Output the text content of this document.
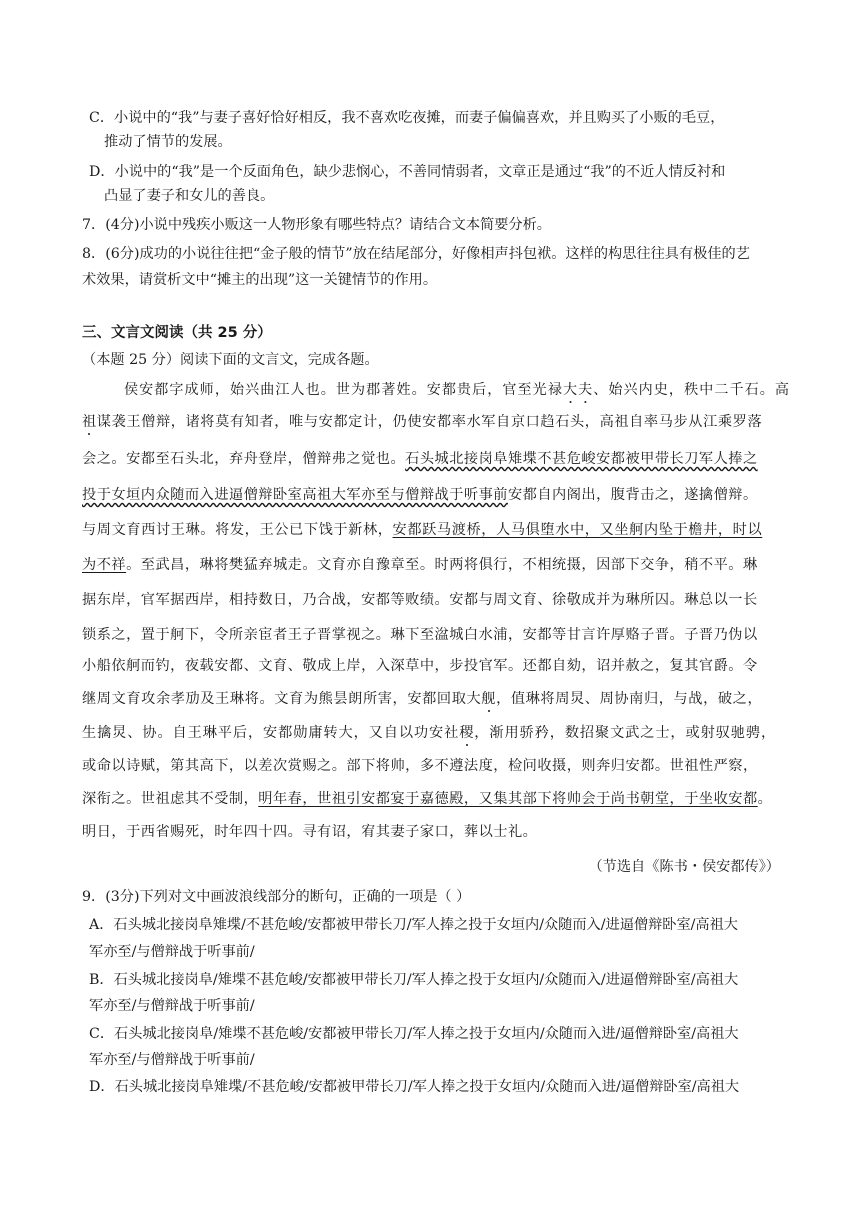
C．小说中的“我”与妻子喜好恰好相反，我不喜欢吃夜摊，而妻子偏偏喜欢，并且购买了小贩的毛豆，
推动了情节的发展。
D．小说中的“我”是一个反面角色，缺少悲悯心，不善同情弱者，文章正是通过“我”的不近人情反衬和
凸显了妻子和女儿的善良。
7．(4分)小说中残疾小贩这一人物形象有哪些特点？请结合文本简要分析。
8．(6分)成功的小说往往把“金子般的情节”放在结尾部分，好像相声抖包袱。这样的构思往往具有极佳的艺
术效果，请赏析文中“摊主的出现”这一关键情节的作用。
三、文言文阅读（共 25 分）
（本题 25 分）阅读下面的文言文，完成各题。
侯安都字成师，始兴曲江人也。世为郡著姓。安都贵后，官至光禄大夫、始兴内史，秩中二千石。高
祖谋袭王僧辩，诸将莫有知者，唯与安都定计，仍使安都率水军自京口趋石头，高祖自率马步从江乘罗落
会之。安都至石头北，弃舟登岸，僧辩弗之觉也。石头城北接岗阜雉堞不甚危峻安都被甲带长刀军人捧之
投于女垣内众随而入进逼僧辩卧室高祖大军亦至与僧辩战于听事前安都自内阁出，腹背击之，遂擒僧辩。
与周文育西讨王琳。将发，王公已下饯于新林，安都跃马渡桥，人马俱堕水中，又坐舸内坠于檐井，时以
为不祥。至武昌，琳将樊猛弃城走。文育亦自豫章至。时两将俱行，不相统摄，因部下交争，稍不平。琳
据东岸，官军据西岸，相持数日，乃合战，安都等败绩。安都与周文育、徐敬成并为琳所囚。琳总以一长
锁系之，置于舸下，令所亲宦者王子晋掌视之。琳下至湓城白水浦，安都等甘言许厚赂子晋。子晋乃伪以
小船依舸而钓，夜载安都、文育、敬成上岸，入深草中，步投官军。还都自劾，诏并赦之，复其官爵。令
继周文育攻余孝劢及王琳将。文育为熊昙朗所害，安都回取大舰，值琳将周炅、周协南归，与战，破之，
生擒炅、协。自王琳平后，安都勋庸转大，又自以功安社稷，渐用骄矜，数招聚文武之士，或射驭驰骋，
或命以诗赋，第其高下，以差次赏赐之。部下将帅，多不遵法度，检问收摄，则奔归安都。世祖性严察，
深衔之。世祖虑其不受制，明年春，世祖引安都宴于嘉德殿，又集其部下将帅会于尚书朝堂，于坐收安都。
明日，于西省赐死，时年四十四。寻有诏，宥其妻子家口，葬以士礼。
（节选自《陈书・侯安都传》）
9．(3分)下列对文中画波浪线部分的断句，正确的一项是（ ）
A．石头城北接岗阜雉堞/不甚危峻/安都被甲带长刀/军人捧之投于女垣内/众随而入/进逼僧辩卧室/高祖大
军亦至/与僧辩战于听事前/
B．石头城北接岗阜/雉堞不甚危峻/安都被甲带长刀/军人捧之投于女垣内/众随而入/进逼僧辩卧室/高祖大
军亦至/与僧辩战于听事前/
C．石头城北接岗阜/雉堞不甚危峻/安都被甲带长刀/军人捧之投于女垣内/众随而入进/逼僧辩卧室/高祖大
军亦至/与僧辩战于听事前/
D．石头城北接岗阜雉堞/不甚危峻/安都被甲带长刀/军人捧之投于女垣内/众随而入进/逼僧辩卧室/高祖大
